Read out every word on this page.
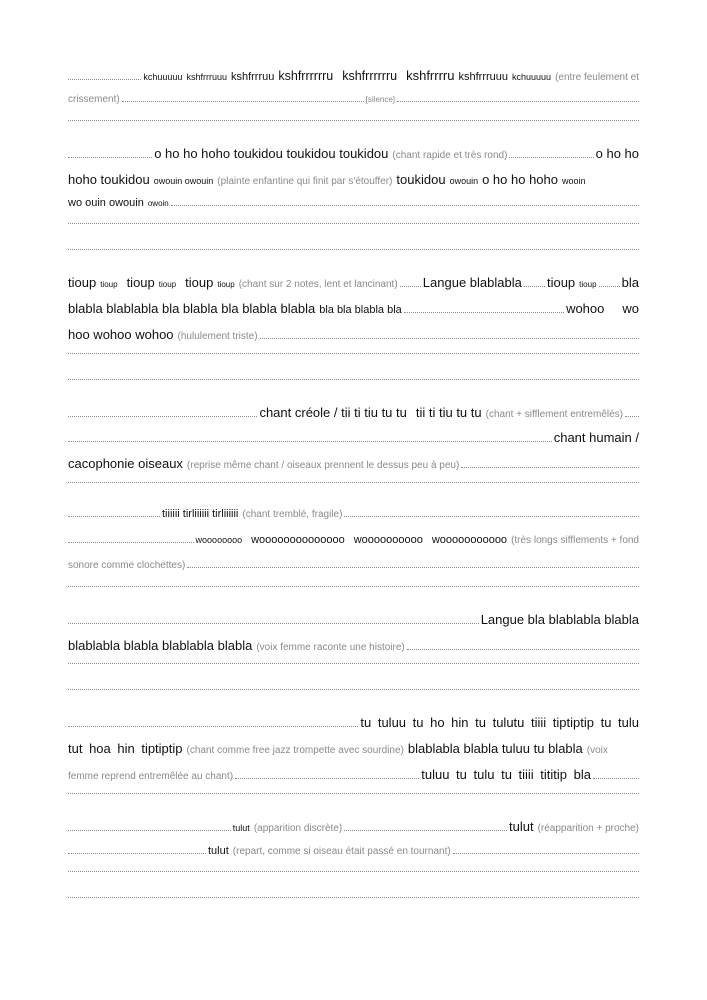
kchuuuuu kshfrrruuu kshfrrruu kshfrrrrrru kshfrrrrrru kshfrrrru kshfrrruuu kchuuuuu (entre feulement et
crissement)	[silence]
o ho ho hoho toukidou toukidou toukidou (chant rapide et très rond)	o ho ho
hoho toukidou owouin owouin (plainte enfantine qui finit par s'étouffer) toukidou owouin o ho ho hoho wooin
wo ouin owouin owoin
tioup tioup tioup tioup tioup tioup (chant sur 2 notes, lent et lancinant) Langue blablabla tioup tioup bla
blabla blablabla bla blabla bla blabla blabla bla bla blabla bla	wohoo wo
hoo wohoo wohoo (hululement triste)
chant créole / tii ti tiu tu tu tii ti tiu tu tu (chant + sifflement entremêlés)
chant humain /
cacophonie oiseaux (reprise même chant / oiseaux prennent le dessus peu à peu)
tiiiiii tirliiiiii tirliiiiii (chant tremblé, fragile)
woooooooo woooooooooooooo woooooooooo wooooooooooo (très longs sifflements + fond
sonore comme clochettes)
Langue bla blablabla blabla
blablabla blabla blablabla blabla (voix femme raconte une histoire)
tu tuluu tu ho hin tu tulutu tiiii tiptiptip tu tulu
tut hoa hin tiptiptip (chant comme free jazz trompette avec sourdine) blablabla blabla tuluu tu blabla (voix
femme reprend entremêlée au chant)	tuluu tu tulu tu tiiii tititip bla
tulut (apparition discrète)	tulut (réapparition + proche)
tulut (repart, comme si oiseau était passé en tournant)
